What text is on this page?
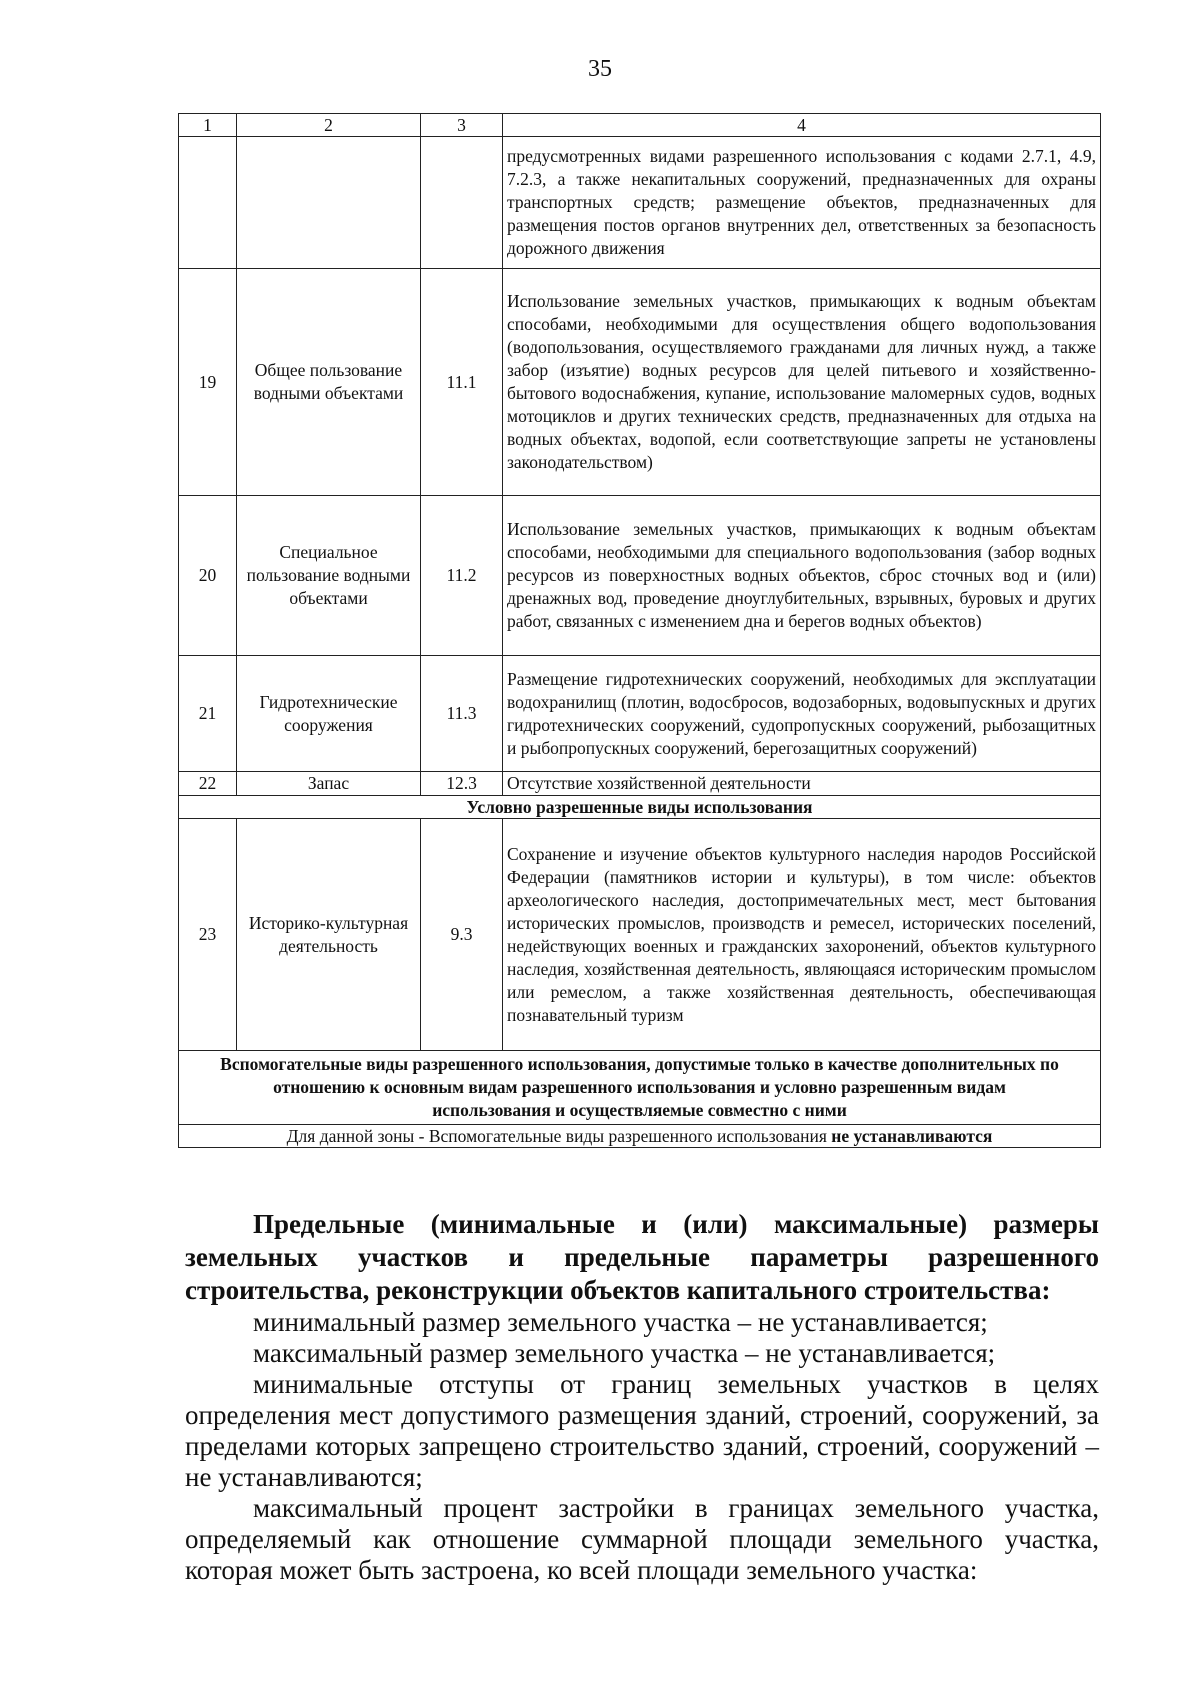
35
1	2	3	4
			предусмотренных видами разрешенного использования с кодами 2.7.1, 4.9, 7.2.3, а также некапитальных сооружений, предназначенных для охраны транспортных средств; размещение объектов, предназначенных для размещения постов органов внутренних дел, ответственных за безопасность дорожного движения
19	Общее пользование водными объектами	11.1	Использование земельных участков, примыкающих к водным объектам способами, необходимыми для осуществления общего водопользования (водопользования, осуществляемого гражданами для личных нужд, а также забор (изъятие) водных ресурсов для целей питьевого и хозяйственно-бытового водоснабжения, купание, использование маломерных судов, водных мотоциклов и других технических средств, предназначенных для отдыха на водных объектах, водопой, если соответствующие запреты не установлены законодательством)
20	Специальное пользование водными объектами	11.2	Использование земельных участков, примыкающих к водным объектам способами, необходимыми для специального водопользования (забор водных ресурсов из поверхностных водных объектов, сброс сточных вод и (или) дренажных вод, проведение дноуглубительных, взрывных, буровых и других работ, связанных с изменением дна и берегов водных объектов)
21	Гидротехнические сооружения	11.3	Размещение гидротехнических сооружений, необходимых для эксплуатации водохранилищ (плотин, водосбросов, водозаборных, водовыпускных и других гидротехнических сооружений, судопропускных сооружений, рыбозащитных и рыбопропускных сооружений, берегозащитных сооружений)
22	Запас	12.3	Отсутствие хозяйственной деятельности
Условно разрешенные виды использования			
23	Историко-культурная деятельность	9.3	Сохранение и изучение объектов культурного наследия народов Российской Федерации (памятников истории и культуры), в том числе: объектов археологического наследия, достопримечательных мест, мест бытования исторических промыслов, производств и ремесел, исторических поселений, недействующих военных и гражданских захоронений, объектов культурного наследия, хозяйственная деятельность, являющаяся историческим промыслом или ремеслом, а также хозяйственная деятельность, обеспечивающая познавательный туризм
Вспомогательные виды разрешенного использования, допустимые только в качестве дополнительных по отношению к основным видам разрешенного использования и условно разрешенным видам использования и осуществляемые совместно с ними			
Для данной зоны - Вспомогательные виды разрешенного использования не устанавливаются			

Предельные (минимальные и (или) максимальные) размеры земельных участков и предельные параметры разрешенного строительства, реконструкции объектов капитального строительства:

минимальный размер земельного участка – не устанавливается;

максимальный размер земельного участка – не устанавливается;

минимальные отступы от границ земельных участков в целях определения мест допустимого размещения зданий, строений, сооружений, за пределами которых запрещено строительство зданий, строений, сооружений – не устанавливаются;

максимальный процент застройки в границах земельного участка, определяемый как отношение суммарной площади земельного участка, которая может быть застроена, ко всей площади земельного участка:
